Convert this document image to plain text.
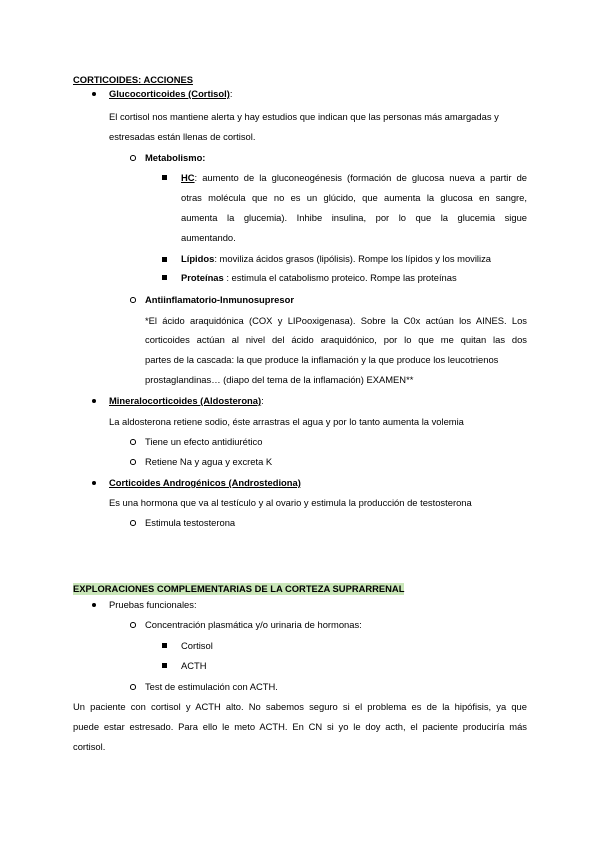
CORTICOIDES: ACCIONES
Glucocorticoides (Cortisol):
El cortisol nos mantiene alerta y hay estudios que indican que las personas más amargadas y
estresadas están llenas de cortisol.
Metabolismo:
HC: aumento de la gluconeogénesis (formación de glucosa nueva a partir de
otras molécula que no es un glúcido, que aumenta la glucosa en sangre,
aumenta la glucemia). Inhibe insulina, por lo que la glucemia sigue
aumentando.
Lípidos: moviliza ácidos grasos (lipólisis). Rompe los lípidos y los moviliza
Proteínas : estimula el catabolismo proteico. Rompe las proteínas
Antiinflamatorio-Inmunosupresor
*El ácido araquidónica (COX y LIPooxigenasa). Sobre la C0x actúan los AINES. Los
corticoides actúan al nivel del ácido araquidónico, por lo que me quitan las dos
partes de la cascada: la que produce la inflamación y la que produce los leucotrienos
prostaglandinas… (diapo del tema de la inflamación) EXAMEN**
Mineralocorticoides (Aldosterona):
La aldosterona retiene sodio, éste arrastras el agua y por lo tanto aumenta la volemia
Tiene un efecto antidiurético
Retiene Na y agua y excreta K
Corticoides Androgénicos (Androstediona)
Es una hormona que va al testículo y al ovario y estimula la producción de testosterona
Estimula testosterona
EXPLORACIONES COMPLEMENTARIAS DE LA CORTEZA SUPRARRENAL
Pruebas funcionales:
Concentración plasmática y/o urinaria de hormonas:
Cortisol
ACTH
Test de estimulación con ACTH.
Un paciente con cortisol y ACTH alto. No sabemos seguro si el problema es de la hipófisis, ya que
puede estar estresado. Para ello le meto ACTH. En CN si yo le doy acth, el paciente produciría más
cortisol.
